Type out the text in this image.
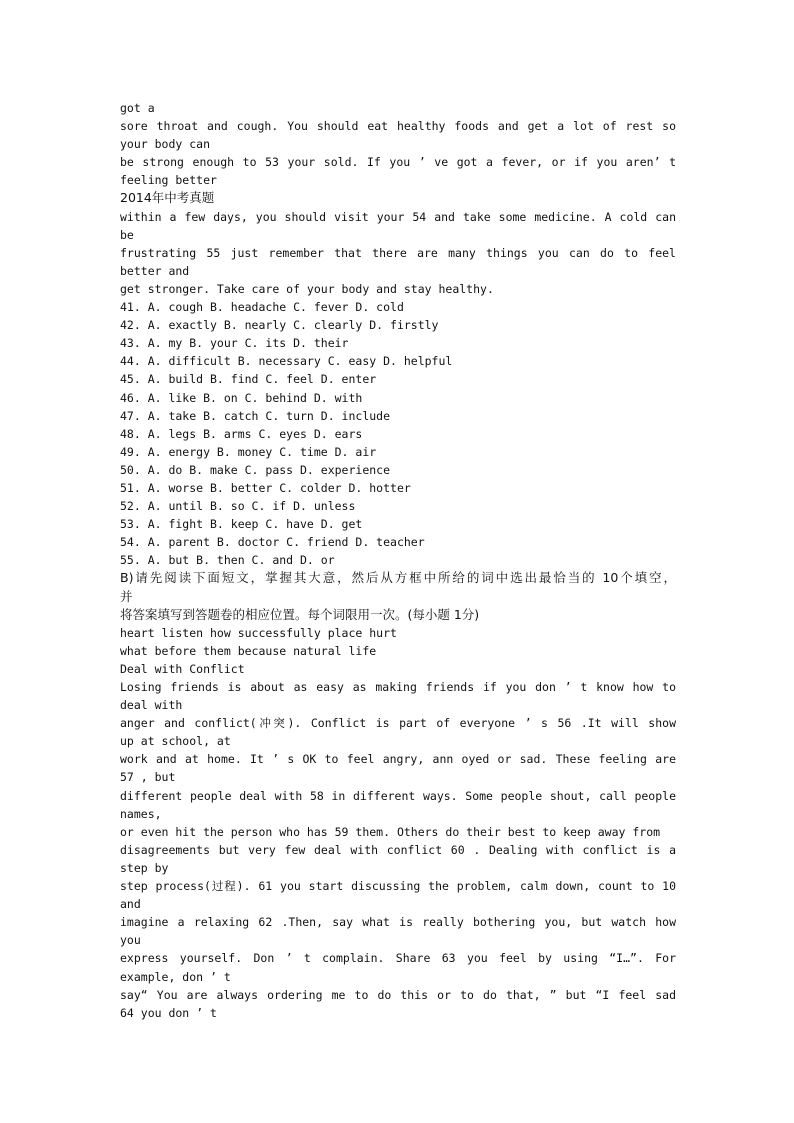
got a
sore throat and cough. You should eat healthy foods and get a lot of rest so
your body can
be strong enough to 53 your sold. If you ’ ve got a fever, or if you aren’ t
feeling better
2014年中考真题
within a few days, you should visit your 54 and take some medicine. A cold can
be
frustrating 55 just remember that there are many things you can do to feel
better and
get stronger. Take care of your body and stay healthy.
41. A. cough B. headache C. fever D. cold
42. A. exactly B. nearly C. clearly D. firstly
43. A. my B. your C. its D. their
44. A. difficult B. necessary C. easy D. helpful
45. A. build B. find C. feel D. enter
46. A. like B. on C. behind D. with
47. A. take B. catch C. turn D. include
48. A. legs B. arms C. eyes D. ears
49. A. energy B. money C. time D. air
50. A. do B. make C. pass D. experience
51. A. worse B. better C. colder D. hotter
52. A. until B. so C. if D. unless
53. A. fight B. keep C. have D. get
54. A. parent B. doctor C. friend D. teacher
55. A. but B. then C. and D. or
B)请先阅读下面短文，掌握其大意，然后从方框中所给的词中选出最恰当的 10个填空，
并
将答案填写到答题卷的相应位置。每个词限用一次。(每小题 1分)
heart listen how successfully place hurt
what before them because natural life
Deal with Conflict
Losing friends is about as easy as making friends if you don ’ t know how to
deal with
anger and conflict(冲突). Conflict is part of everyone ’ s 56 .It will show
up at school, at
work and at home. It ’ s OK to feel angry, ann oyed or sad. These feeling are
57 , but
different people deal with 58 in different ways. Some people shout, call people
names,
or even hit the person who has 59 them. Others do their best to keep away from
disagreements but very few deal with conflict 60 . Dealing with conflict is a
step by
step process(过程). 61 you start discussing the problem, calm down, count to 10
and
imagine a relaxing 62 .Then, say what is really bothering you, but watch how
you
express yourself. Don ’ t complain. Share 63 you feel by using “I…”. For
example, don ’ t
say“ You are always ordering me to do this or to do that, ” but “I feel sad
64 you don ’ t
